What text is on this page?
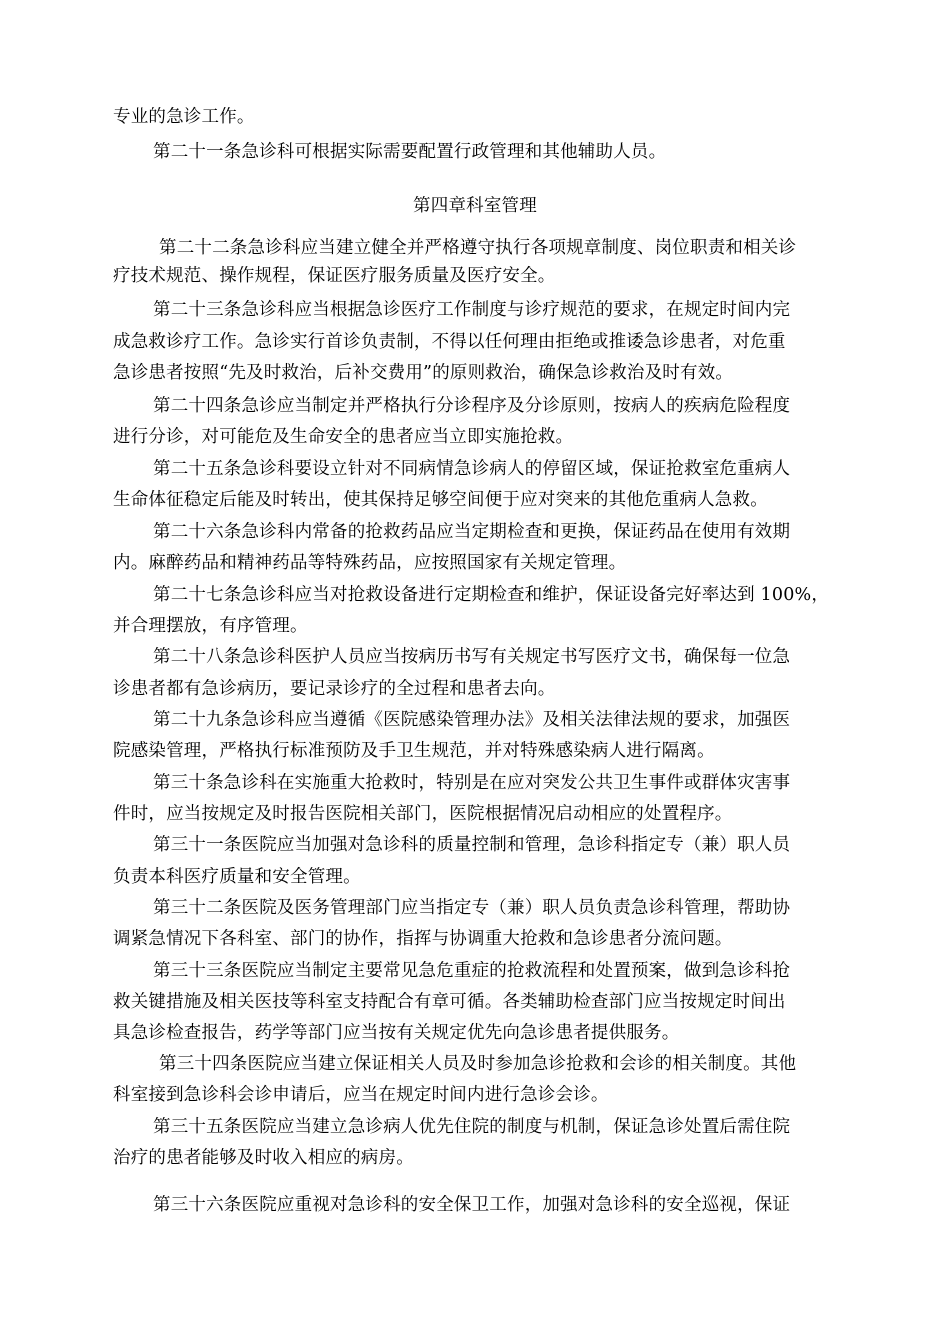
专业的急诊工作。
第二十一条急诊科可根据实际需要配置行政管理和其他辅助人员。
第四章科室管理
第二十二条急诊科应当建立健全并严格遵守执行各项规章制度、岗位职责和相关诊
疗技术规范、操作规程，保证医疗服务质量及医疗安全。
第二十三条急诊科应当根据急诊医疗工作制度与诊疗规范的要求，在规定时间内完
成急救诊疗工作。急诊实行首诊负责制，不得以任何理由拒绝或推诿急诊患者，对危重
急诊患者按照“先及时救治，后补交费用”的原则救治，确保急诊救治及时有效。
第二十四条急诊应当制定并严格执行分诊程序及分诊原则，按病人的疾病危险程度
进行分诊，对可能危及生命安全的患者应当立即实施抢救。
第二十五条急诊科要设立针对不同病情急诊病人的停留区域，保证抢救室危重病人
生命体征稳定后能及时转出，使其保持足够空间便于应对突来的其他危重病人急救。
第二十六条急诊科内常备的抢救药品应当定期检查和更换，保证药品在使用有效期
内。麻醉药品和精神药品等特殊药品，应按照国家有关规定管理。
第二十七条急诊科应当对抢救设备进行定期检查和维护，保证设备完好率达到 100%，
并合理摆放，有序管理。
第二十八条急诊科医护人员应当按病历书写有关规定书写医疗文书，确保每一位急
诊患者都有急诊病历，要记录诊疗的全过程和患者去向。
第二十九条急诊科应当遵循《医院感染管理办法》及相关法律法规的要求，加强医
院感染管理，严格执行标准预防及手卫生规范，并对特殊感染病人进行隔离。
第三十条急诊科在实施重大抢救时，特别是在应对突发公共卫生事件或群体灾害事
件时，应当按规定及时报告医院相关部门，医院根据情况启动相应的处置程序。
第三十一条医院应当加强对急诊科的质量控制和管理，急诊科指定专（兼）职人员
负责本科医疗质量和安全管理。
第三十二条医院及医务管理部门应当指定专（兼）职人员负责急诊科管理，帮助协
调紧急情况下各科室、部门的协作，指挥与协调重大抢救和急诊患者分流问题。
第三十三条医院应当制定主要常见急危重症的抢救流程和处置预案，做到急诊科抢
救关键措施及相关医技等科室支持配合有章可循。各类辅助检查部门应当按规定时间出
具急诊检查报告，药学等部门应当按有关规定优先向急诊患者提供服务。
第三十四条医院应当建立保证相关人员及时参加急诊抢救和会诊的相关制度。其他
科室接到急诊科会诊申请后，应当在规定时间内进行急诊会诊。
第三十五条医院应当建立急诊病人优先住院的制度与机制，保证急诊处置后需住院
治疗的患者能够及时收入相应的病房。
第三十六条医院应重视对急诊科的安全保卫工作，加强对急诊科的安全巡视，保证
